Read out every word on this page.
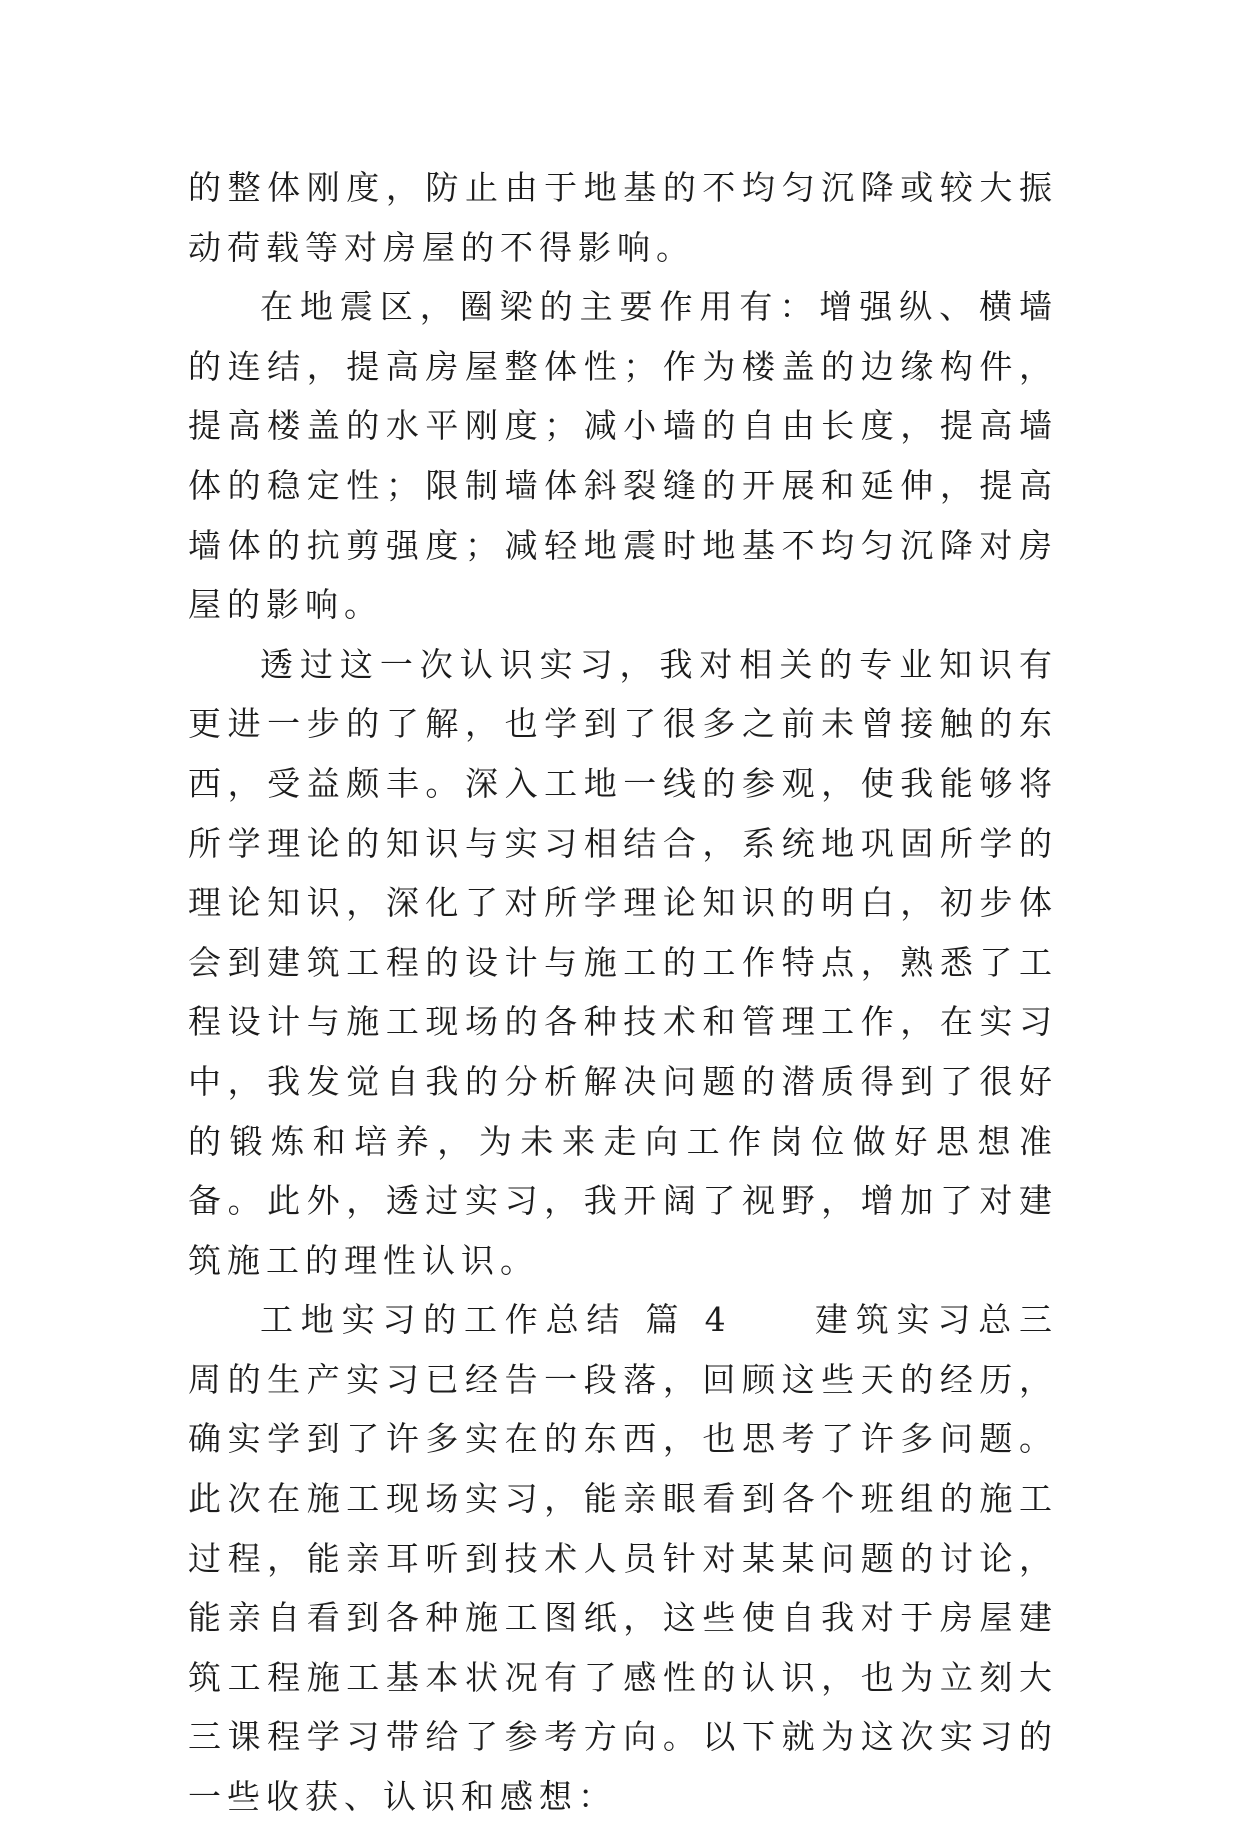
的整体刚度，防止由于地基的不均匀沉降或较大振动荷载等对房屋的不得影响。

在地震区，圈梁的主要作用有：增强纵、横墙的连结，提高房屋整体性；作为楼盖的边缘构件，提高楼盖的水平刚度；减小墙的自由长度，提高墙体的稳定性；限制墙体斜裂缝的开展和延伸，提高墙体的抗剪强度；减轻地震时地基不均匀沉降对房屋的影响。

透过这一次认识实习，我对相关的专业知识有更进一步的了解，也学到了很多之前未曾接触的东西，受益颇丰。深入工地一线的参观，使我能够将所学理论的知识与实习相结合，系统地巩固所学的理论知识，深化了对所学理论知识的明白，初步体会到建筑工程的设计与施工的工作特点，熟悉了工程设计与施工现场的各种技术和管理工作，在实习中，我发觉自我的分析解决问题的潜质得到了很好的锻炼和培养，为未来走向工作岗位做好思想准备。此外，透过实习，我开阔了视野，增加了对建筑施工的理性认识。

工地实习的工作总结 篇 4　　建筑实习总三周的生产实习已经告一段落，回顾这些天的经历，确实学到了许多实在的东西，也思考了许多问题。此次在施工现场实习，能亲眼看到各个班组的施工过程，能亲耳听到技术人员针对某某问题的讨论，能亲自看到各种施工图纸，这些使自我对于房屋建筑工程施工基本状况有了感性的认识，也为立刻大三课程学习带给了参考方向。以下就为这次实习的一些收获、认识和感想：
